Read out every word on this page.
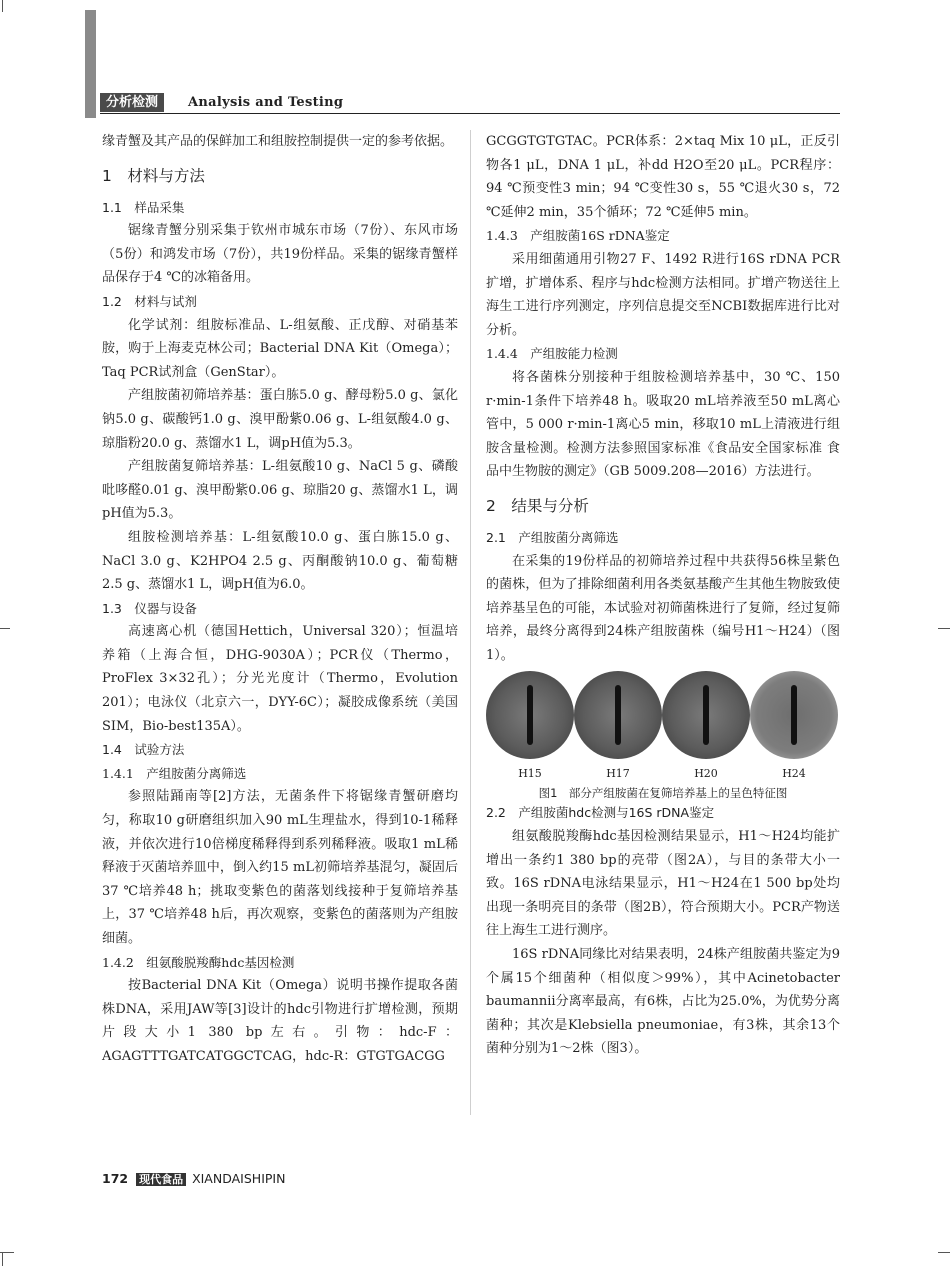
分析检测	Analysis and Testing

缘青蟹及其产品的保鲜加工和组胺控制提供一定的参考依据。

1　材料与方法
1.1　样品采集

锯缘青蟹分别采集于钦州市城东市场（7份）、东风市场（5份）和鸿发市场（7份），共19份样品。采集的锯缘青蟹样品保存于4 ℃的冰箱备用。

1.2　材料与试剂

化学试剂：组胺标准品、L-组氨酸、正戊醇、对硝基苯胺，购于上海麦克林公司；Bacterial DNA Kit（Omega）；Taq PCR试剂盒（GenStar）。

产组胺菌初筛培养基：蛋白胨5.0 g、酵母粉5.0 g、氯化钠5.0 g、碳酸钙1.0 g、溴甲酚紫0.06 g、L-组氨酸4.0 g、琼脂粉20.0 g、蒸馏水1 L，调pH值为5.3。

产组胺菌复筛培养基：L-组氨酸10 g、NaCl 5 g、磷酸吡哆醛0.01 g、溴甲酚紫0.06 g、琼脂20 g、蒸馏水1 L，调pH值为5.3。

组胺检测培养基：L-组氨酸10.0 g、蛋白胨15.0 g、NaCl 3.0 g、K2HPO4 2.5 g、丙酮酸钠10.0 g、葡萄糖2.5 g、蒸馏水1 L，调pH值为6.0。

1.3　仪器与设备

高速离心机（德国Hettich，Universal 320）；恒温培养箱（上海合恒，DHG-9030A）；PCR仪（Thermo，ProFlex 3×32孔）；分光光度计（Thermo，Evolution 201）；电泳仪（北京六一，DYY-6C）；凝胶成像系统（美国SIM，Bio-best135A）。

1.4　试验方法
1.4.1　产组胺菌分离筛选

参照陆踊南等[2]方法，无菌条件下将锯缘青蟹研磨均匀，称取10 g研磨组织加入90 mL生理盐水，得到10-1稀释液，并依次进行10倍梯度稀释得到系列稀释液。吸取1 mL稀释液于灭菌培养皿中，倒入约15 mL初筛培养基混匀，凝固后37 ℃培养48 h；挑取变紫色的菌落划线接种于复筛培养基上，37 ℃培养48 h后，再次观察，变紫色的菌落则为产组胺细菌。

1.4.2　组氨酸脱羧酶hdc基因检测

按Bacterial DNA Kit（Omega）说明书操作提取各菌株DNA，采用JAW等[3]设计的hdc引物进行扩增检测，预期片段大小1 380 bp左右。引物：hdc-F：AGAGTTTGATCATGGCTCAG，hdc-R：GTGTGACGG

GCGGTGTGTAC。PCR体系：2×taq Mix 10 μL，正反引物各1 μL，DNA 1 μL，补dd H2O至20 μL。PCR程序：94 ℃预变性3 min；94 ℃变性30 s，55 ℃退火30 s，72 ℃延伸2 min，35个循环；72 ℃延伸5 min。

1.4.3　产组胺菌16S rDNA鉴定

采用细菌通用引物27 F、1492 R进行16S rDNA PCR扩增，扩增体系、程序与hdc检测方法相同。扩增产物送往上海生工进行序列测定，序列信息提交至NCBI数据库进行比对分析。

1.4.4　产组胺能力检测

将各菌株分别接种于组胺检测培养基中，30 ℃、150 r·min-1条件下培养48 h。吸取20 mL培养液至50 mL离心管中，5 000 r·min-1离心5 min，移取10 mL上清液进行组胺含量检测。检测方法参照国家标准《食品安全国家标准 食品中生物胺的测定》（GB 5009.208—2016）方法进行。

2　结果与分析
2.1　产组胺菌分离筛选

在采集的19份样品的初筛培养过程中共获得56株呈紫色的菌株，但为了排除细菌利用各类氨基酸产生其他生物胺致使培养基呈色的可能，本试验对初筛菌株进行了复筛，经过复筛培养，最终分离得到24株产组胺菌株（编号H1～H24）（图1）。

H15	H17	H20	H24
图1　部分产组胺菌在复筛培养基上的呈色特征图
2.2　产组胺菌hdc检测与16S rDNA鉴定

组氨酸脱羧酶hdc基因检测结果显示，H1～H24均能扩增出一条约1 380 bp的亮带（图2A），与目的条带大小一致。16S rDNA电泳结果显示，H1～H24在1 500 bp处均出现一条明亮目的条带（图2B），符合预期大小。PCR产物送往上海生工进行测序。

16S rDNA同缘比对结果表明，24株产组胺菌共鉴定为9个属15个细菌种（相似度＞99%），其中Acinetobacter baumannii分离率最高，有6株，占比为25.0%，为优势分离菌种；其次是Klebsiella pneumoniae，有3株，其余13个菌种分别为1～2株（图3）。

172 现代食品 XIANDAISHIPIN
